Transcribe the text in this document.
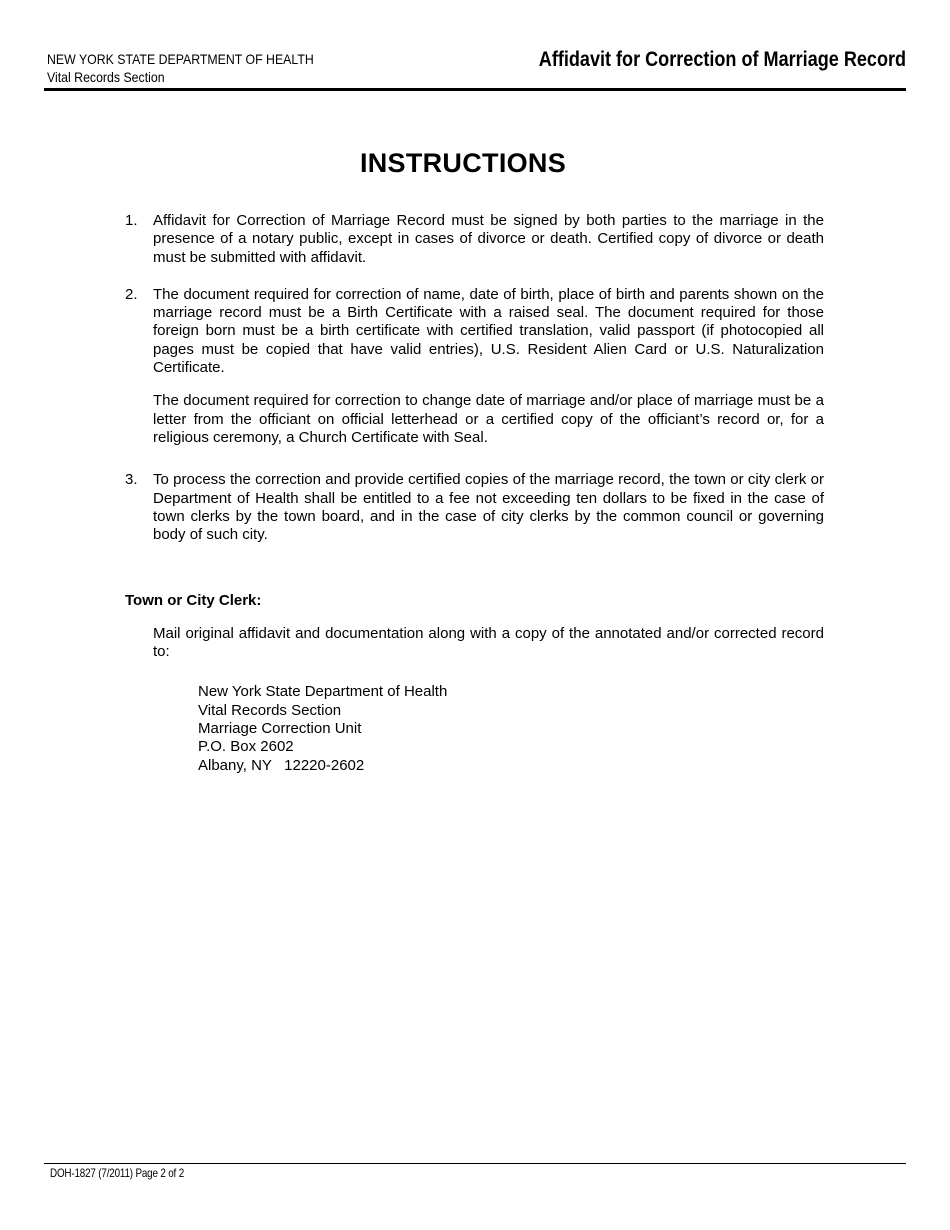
NEW YORK STATE DEPARTMENT OF HEALTH
Vital Records Section
Affidavit for Correction of Marriage Record
INSTRUCTIONS
1. Affidavit for Correction of Marriage Record must be signed by both parties to the marriage in the presence of a notary public, except in cases of divorce or death. Certified copy of divorce or death must be submitted with affidavit.

2. The document required for correction of name, date of birth, place of birth and parents shown on the marriage record must be a Birth Certificate with a raised seal. The document required for those foreign born must be a birth certificate with certified translation, valid passport (if photocopied all pages must be copied that have valid entries), U.S. Resident Alien Card or U.S. Naturalization Certificate.

The document required for correction to change date of marriage and/or place of marriage must be a letter from the officiant on official letterhead or a certified copy of the officiant’s record or, for a religious ceremony, a Church Certificate with Seal.

3. To process the correction and provide certified copies of the marriage record, the town or city clerk or Department of Health shall be entitled to a fee not exceeding ten dollars to be fixed in the case of town clerks by the town board, and in the case of city clerks by the common council or governing body of such city.

Town or City Clerk:
Mail original affidavit and documentation along with a copy of the annotated and/or corrected record to:
New York State Department of Health
Vital Records Section
Marriage Correction Unit
P.O. Box 2602
Albany, NY   12220-2602
DOH-1827 (7/2011) Page 2 of 2
